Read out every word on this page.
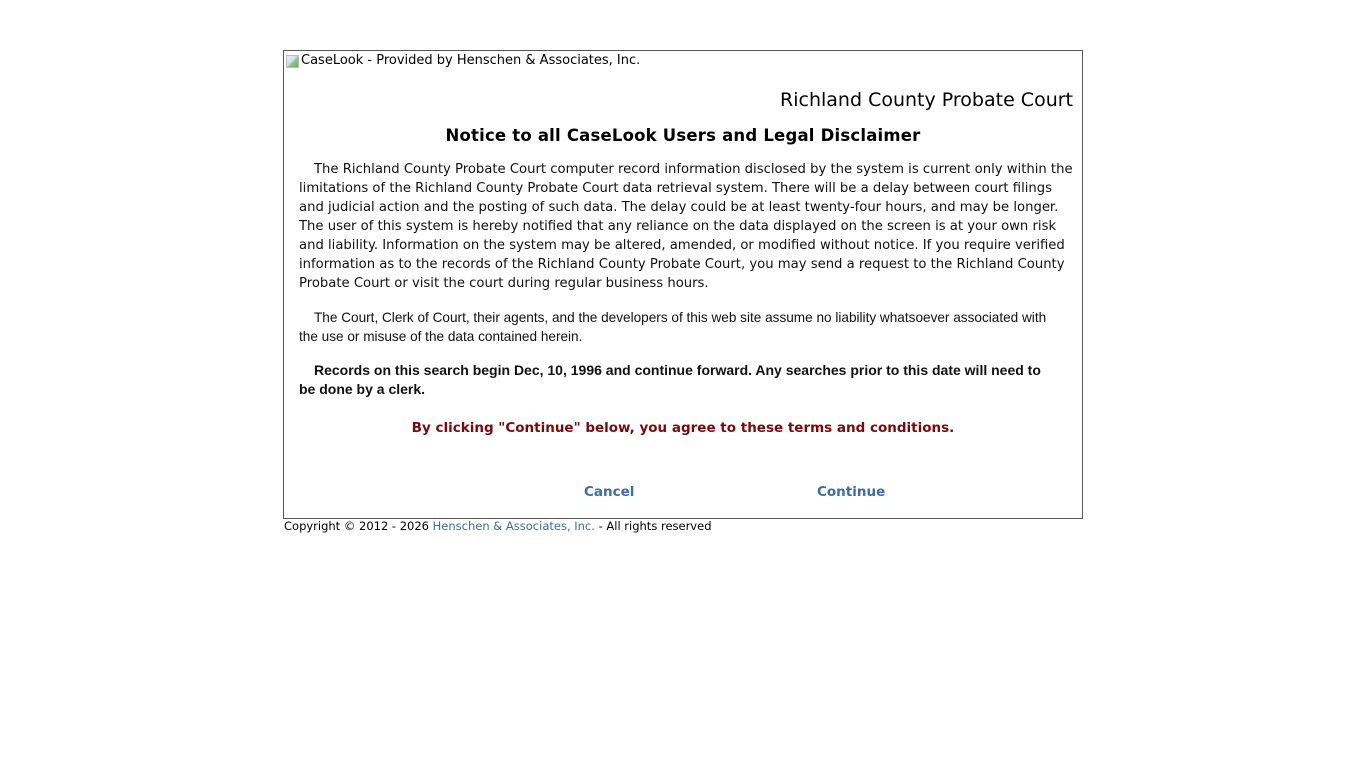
CaseLook - Provided by Henschen & Associates, Inc.
Richland County Probate Court
Notice to all CaseLook Users and Legal Disclaimer

The Richland County Probate Court computer record information disclosed by the system is current only within the limitations of the Richland County Probate Court data retrieval system. There will be a delay between court filings and judicial action and the posting of such data. The delay could be at least twenty-four hours, and may be longer. The user of this system is hereby notified that any reliance on the data displayed on the screen is at your own risk and liability. Information on the system may be altered, amended, or modified without notice. If you require verified information as to the records of the Richland County Probate Court, you may send a request to the Richland County Probate Court or visit the court during regular business hours.

The Court, Clerk of Court, their agents, and the developers of this web site assume no liability whatsoever associated with the use or misuse of the data contained herein.

Records on this search begin Dec, 10, 1996 and continue forward. Any searches prior to this date will need to be done by a clerk.

By clicking "Continue" below, you agree to these terms and conditions.
Cancel	Continue
Copyright © 2012 - 2026 Henschen & Associates, Inc. - All rights reserved
